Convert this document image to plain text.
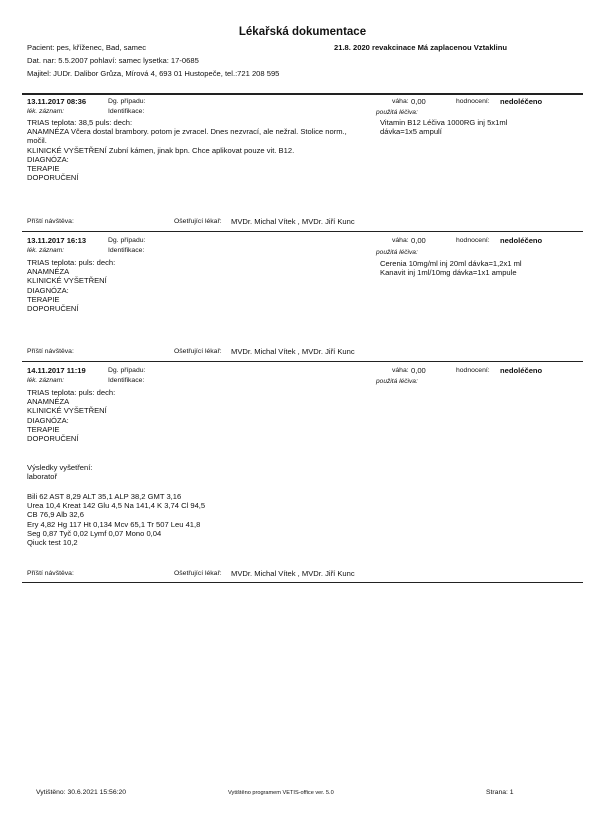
Lékařská dokumentace
Pacient: pes, kříženec, Bad, samec	21.8. 2020 revakcinace Má zaplacenou Vztaklinu
Dat. nar: 5.5.2007 pohlaví: samec lysetka: 17-0685
Majitel: JUDr. Dalibor Grůza, Mírová 4, 693 01 Hustopeče, tel.:721 208 595
13.11.2017 08:36	Dg. případu:	váha: 0,00	hodnocení: nedoléčeno
lék. záznam:	Identifikace:	použitá léčiva:
TRIAS teplota: 38,5 puls: dech:
ANAMNÉZA Včera dostal brambory. potom je zvracel. Dnes nezvrací, ale nežral. Stolice norm., močil.
KLINICKÉ VYŠETŘENÍ Zubní kámen, jinak bpn. Chce aplikovat pouze vit. B12.
DIAGNÓZA:
TERAPIE
DOPORUČENÍ
Vitamin B12 Léčiva 1000RG inj 5x1ml
dávka=1x5 ampulí
Příští návštěva:	Ošetřující lékař: MVDr. Michal Vítek , MVDr. Jiří Kunc
13.11.2017 16:13	Dg. případu:	váha: 0,00	hodnocení: nedoléčeno
lék. záznam:	Identifikace:	použitá léčiva:
TRIAS teplota: puls: dech:
ANAMNÉZA
KLINICKÉ VYŠETŘENÍ
DIAGNÓZA:
TERAPIE
DOPORUČENÍ
Cerenia 10mg/ml inj 20ml dávka=1,2x1 ml
Kanavit inj 1ml/10mg dávka=1x1 ampule
Příští návštěva:	Ošetřující lékař: MVDr. Michal Vítek , MVDr. Jiří Kunc
14.11.2017 11:19	Dg. případu:	váha: 0,00	hodnocení: nedoléčeno
lék. záznam:	Identifikace:	použitá léčiva:
TRIAS teplota: puls: dech:
ANAMNÉZA
KLINICKÉ VYŠETŘENÍ
DIAGNÓZA:
TERAPIE
DOPORUČENÍ
Výsledky vyšetření:
laboratoř
Bili 62 AST 8,29 ALT 35,1 ALP 38,2 GMT 3,16
Urea 10,4 Kreat 142 Glu 4,5 Na 141,4 K 3,74 Cl 94,5
CB 76,9 Alb 32,6
Ery 4,82 Hg 117 Ht 0,134 Mcv 65,1 Tr 507 Leu 41,8
Seg 0,87 Tyč 0,02 Lymf 0,07 Mono 0,04
Qiuck test 10,2
Příští návštěva:	Ošetřující lékař: MVDr. Michal Vítek , MVDr. Jiří Kunc
Vytištěno: 30.6.2021 15:56:20	Vytištěno programem VETIS-office ver. 5.0	Strana: 1
